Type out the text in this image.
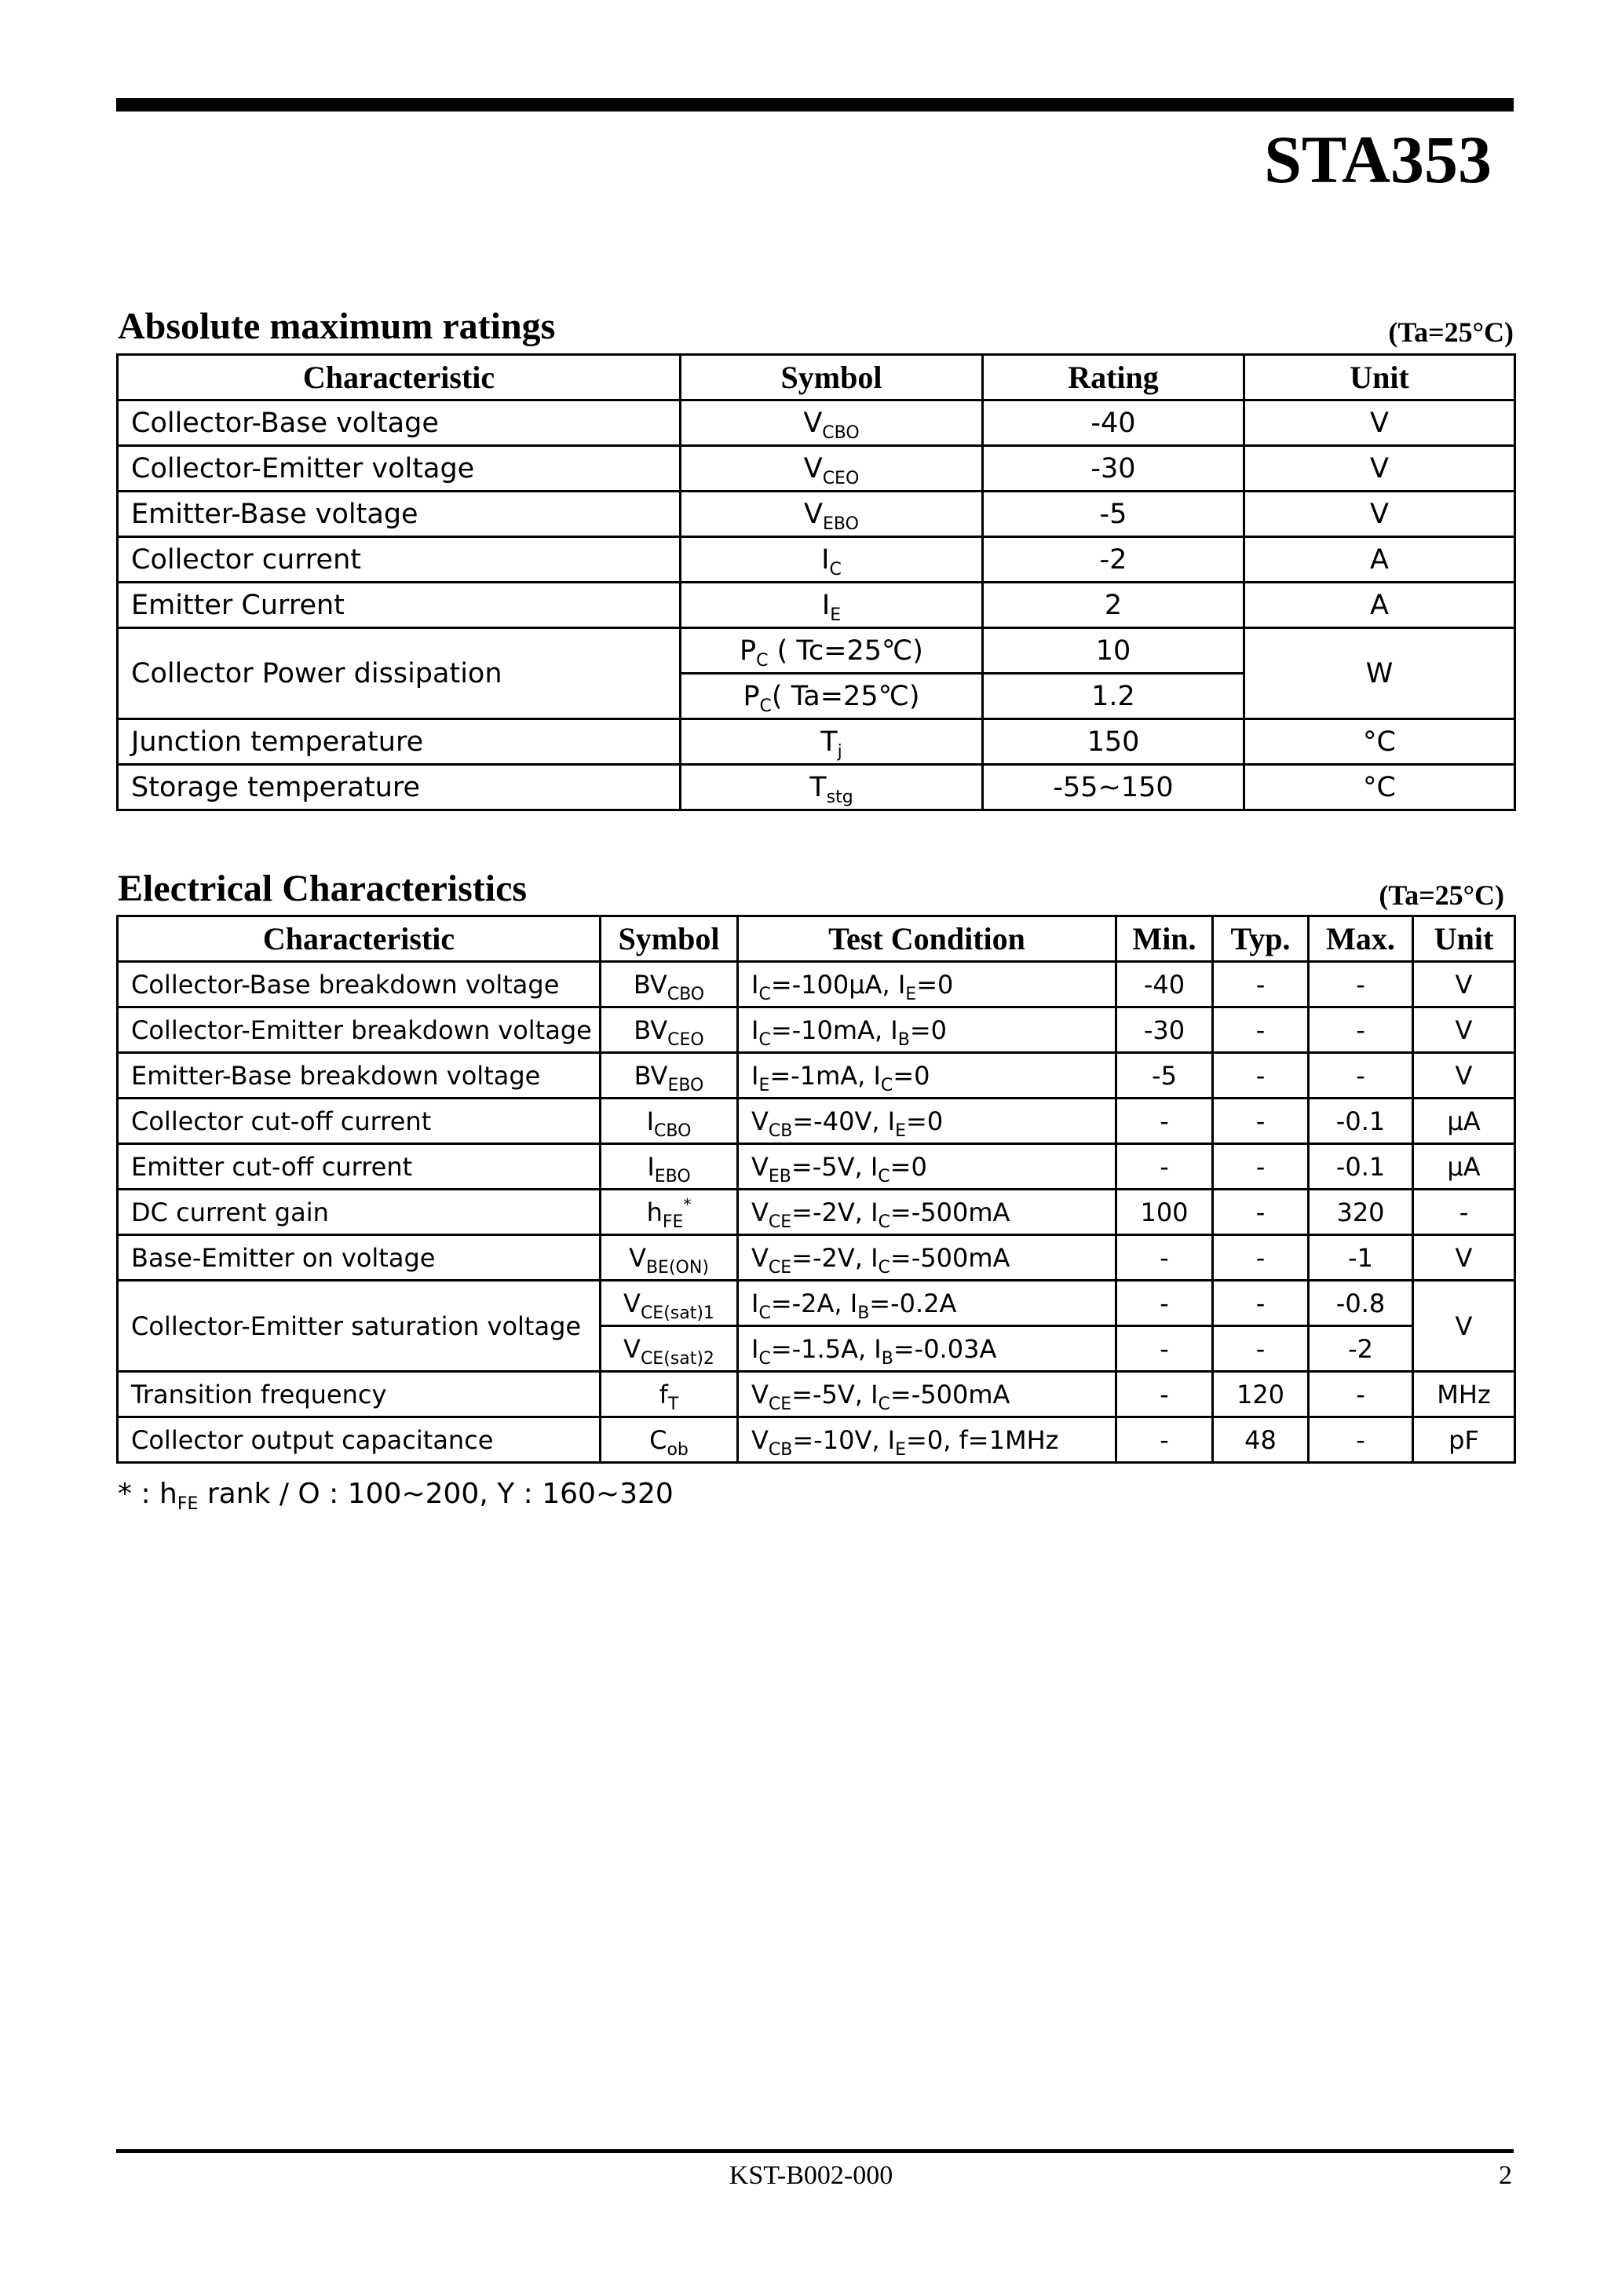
STA353
Absolute maximum ratings	(Ta=25°C)
Characteristic	Symbol	Rating	Unit
Collector-Base voltage	$V_{CBO}$	-40	V
Collector-Emitter voltage	$V_{CEO}$	-30	V
Emitter-Base voltage	$V_{EBO}$	-5	V
Collector current	$I_C$	-2	A
Emitter Current	$I_E$	2	A
Collector Power dissipation	$P_C$ ( Tc=25℃)	10	W
	$P_C$( Ta=25℃)	1.2	
Junction temperature	$T_j$	150	°C
Storage temperature	$T_{stg}$	-55~150	°C
Electrical Characteristics	(Ta=25°C)
Characteristic	Symbol	Test Condition	Min.	Typ.	Max.	Unit
Collector-Base breakdown voltage	$BV_{CBO}$	$I_C=-100\mu A$, $I_E=0$	-40	-	-	V
Collector-Emitter breakdown voltage	$BV_{CEO}$	$I_C=-10mA$, $I_B=0$	-30	-	-	V
Emitter-Base breakdown voltage	$BV_{EBO}$	$I_E=-1mA$, $I_C=0$	-5	-	-	V
Collector cut-off current	$I_{CBO}$	$V_{CB}=-40V$, $I_E=0$	-	-	-0.1	μA
Emitter cut-off current	$I_{EBO}$	$V_{EB}=-5V$, $I_C=0$	-	-	-0.1	μA
DC current gain	$h_{FE}^*$	$V_{CE}=-2V$, $I_C=-500mA$	100	-	320	-
Base-Emitter on voltage	$V_{BE(ON)}$	$V_{CE}=-2V$, $I_C=-500mA$	-	-	-1	V
Collector-Emitter saturation voltage	$V_{CE(sat)1}$	$I_C=-2A$, $I_B=-0.2A$	-	-	-0.8	V
	$V_{CE(sat)2}$	$I_C=-1.5A$, $I_B=-0.03A$	-	-	-2	
Transition frequency	$f_T$	$V_{CE}=-5V$, $I_C=-500mA$	-	120	-	MHz
Collector output capacitance	$C_{ob}$	$V_{CB}=-10V$, $I_E=0$, f=1MHz	-	48	-	pF
* : $h_{FE}$ rank / O : 100~200, Y : 160~320
KST-B002-000	2
